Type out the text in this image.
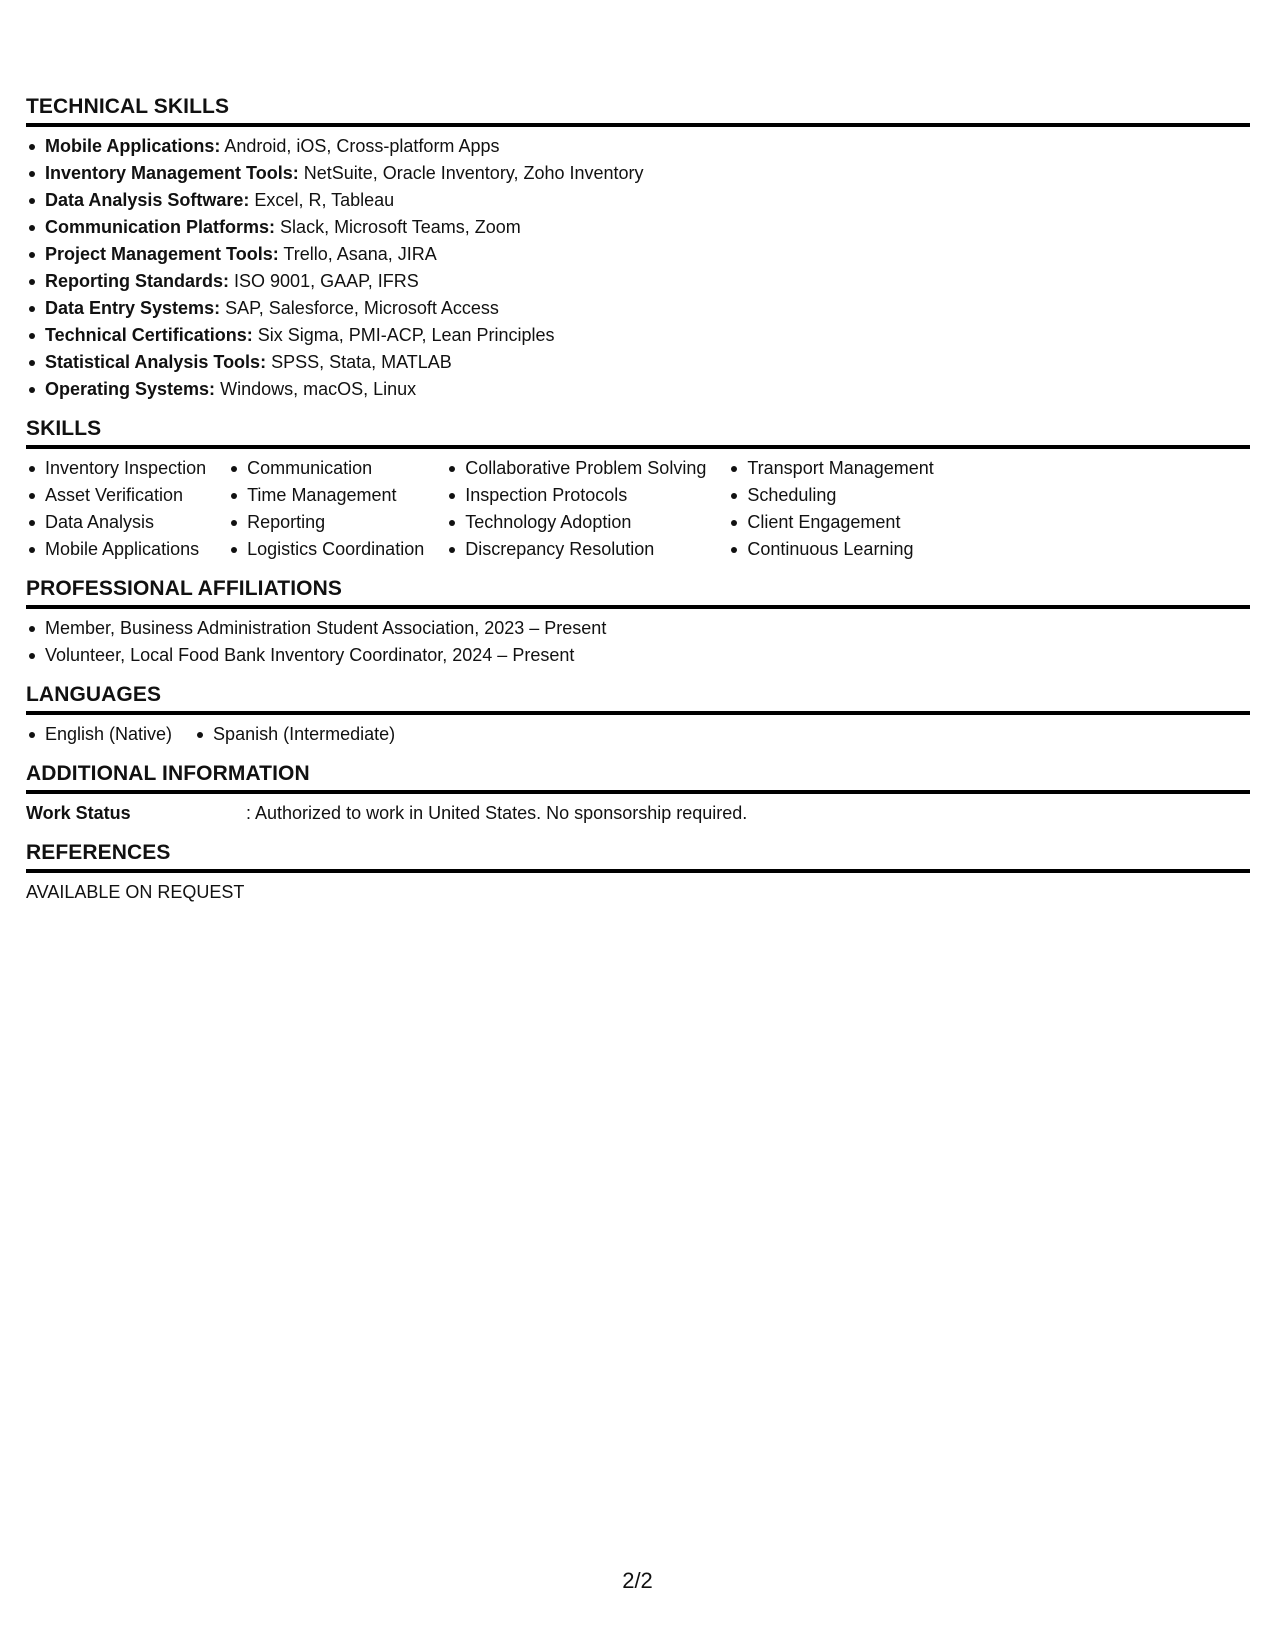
TECHNICAL SKILLS
Mobile Applications: Android, iOS, Cross-platform Apps
Inventory Management Tools: NetSuite, Oracle Inventory, Zoho Inventory
Data Analysis Software: Excel, R, Tableau
Communication Platforms: Slack, Microsoft Teams, Zoom
Project Management Tools: Trello, Asana, JIRA
Reporting Standards: ISO 9001, GAAP, IFRS
Data Entry Systems: SAP, Salesforce, Microsoft Access
Technical Certifications: Six Sigma, PMI-ACP, Lean Principles
Statistical Analysis Tools: SPSS, Stata, MATLAB
Operating Systems: Windows, macOS, Linux
SKILLS
Inventory Inspection
Asset Verification
Data Analysis
Mobile Applications
Communication
Time Management
Reporting
Logistics Coordination
Collaborative Problem Solving
Inspection Protocols
Technology Adoption
Discrepancy Resolution
Transport Management
Scheduling
Client Engagement
Continuous Learning
PROFESSIONAL AFFILIATIONS
Member, Business Administration Student Association, 2023 – Present
Volunteer, Local Food Bank Inventory Coordinator, 2024 – Present
LANGUAGES
English (Native)	Spanish (Intermediate)
ADDITIONAL INFORMATION
Work Status	: Authorized to work in United States. No sponsorship required.
REFERENCES
AVAILABLE ON REQUEST
2/2
